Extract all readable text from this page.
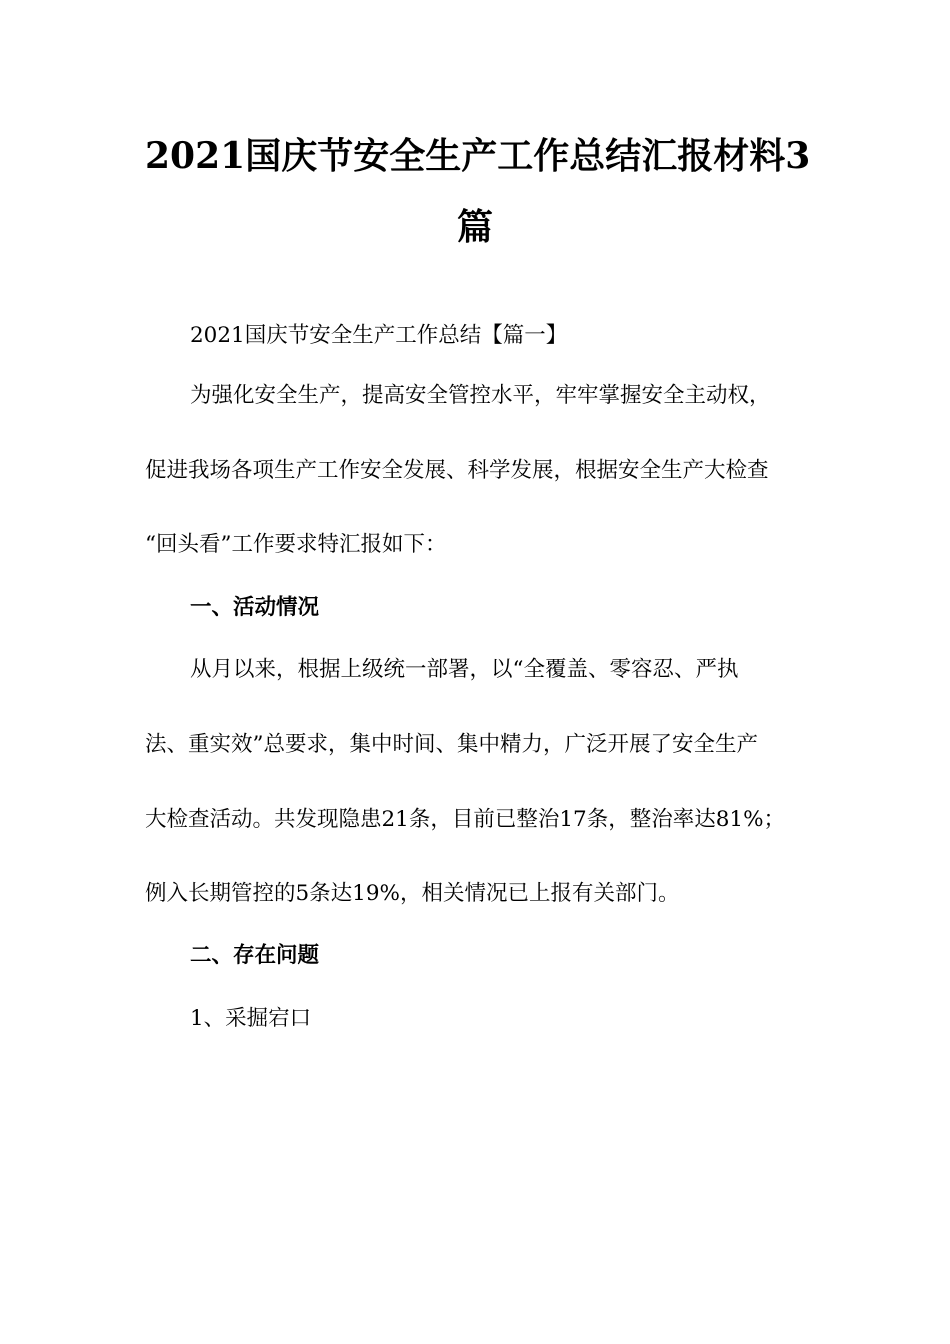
2021国庆节安全生产工作总结汇报材料3
篇
2021国庆节安全生产工作总结【篇一】
为强化安全生产，提高安全管控水平，牢牢掌握安全主动权，
促进我场各项生产工作安全发展、科学发展，根据安全生产大检查
“回头看”工作要求特汇报如下：
一、活动情况
从月以来，根据上级统一部署，以“全覆盖、零容忍、严执
法、重实效”总要求，集中时间、集中精力，广泛开展了安全生产
大检查活动。共发现隐患21条，目前已整治17条，整治率达81%；
例入长期管控的5条达19%，相关情况已上报有关部门。
二、存在问题
1、采掘宕口
